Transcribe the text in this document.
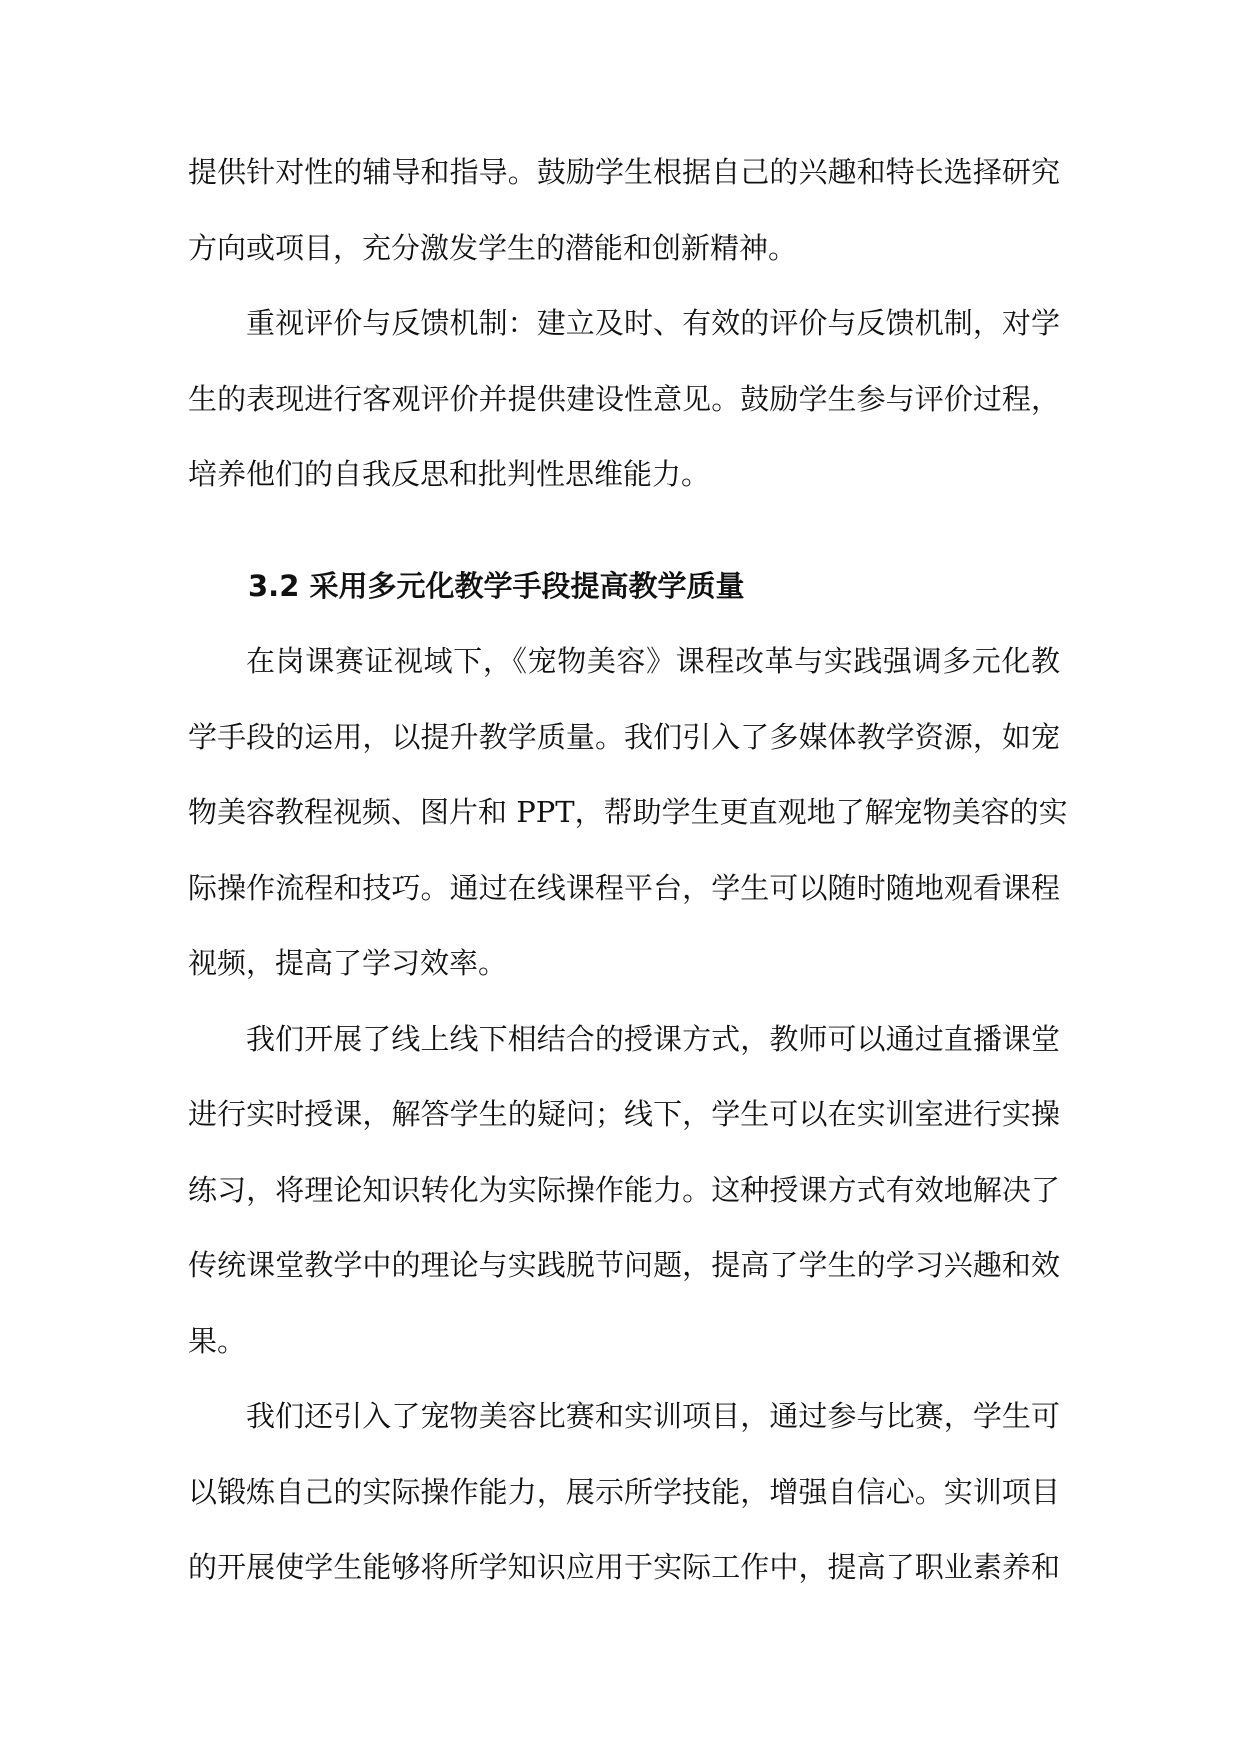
提供针对性的辅导和指导。鼓励学生根据自己的兴趣和特长选择研究
方向或项目，充分激发学生的潜能和创新精神。
重视评价与反馈机制：建立及时、有效的评价与反馈机制，对学
生的表现进行客观评价并提供建设性意见。鼓励学生参与评价过程，
培养他们的自我反思和批判性思维能力。
3.2 采用多元化教学手段提高教学质量
在岗课赛证视域下，《宠物美容》课程改革与实践强调多元化教
学手段的运用，以提升教学质量。我们引入了多媒体教学资源，如宠
物美容教程视频、图片和 PPT，帮助学生更直观地了解宠物美容的实
际操作流程和技巧。通过在线课程平台，学生可以随时随地观看课程
视频，提高了学习效率。
我们开展了线上线下相结合的授课方式，教师可以通过直播课堂
进行实时授课，解答学生的疑问；线下，学生可以在实训室进行实操
练习，将理论知识转化为实际操作能力。这种授课方式有效地解决了
传统课堂教学中的理论与实践脱节问题，提高了学生的学习兴趣和效
果。
我们还引入了宠物美容比赛和实训项目，通过参与比赛，学生可
以锻炼自己的实际操作能力，展示所学技能，增强自信心。实训项目
的开展使学生能够将所学知识应用于实际工作中，提高了职业素养和
